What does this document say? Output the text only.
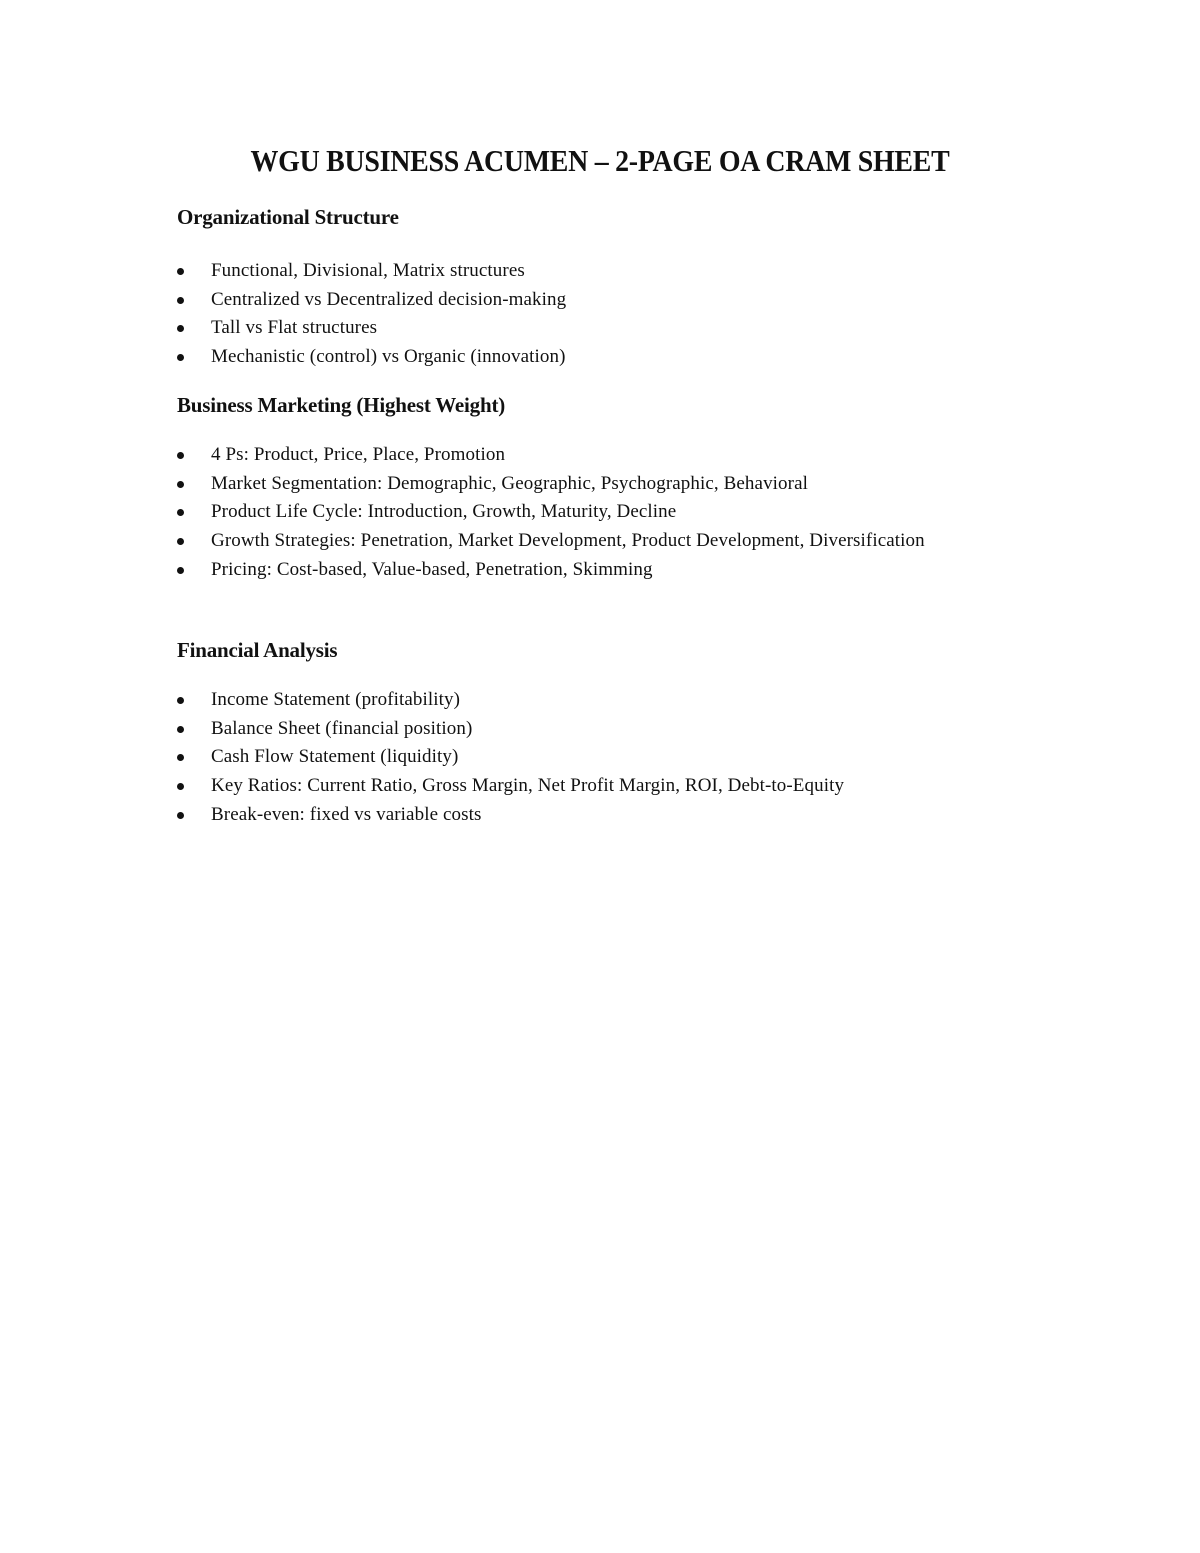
WGU BUSINESS ACUMEN – 2-PAGE OA CRAM SHEET
Organizational Structure
Functional, Divisional, Matrix structures
Centralized vs Decentralized decision-making
Tall vs Flat structures
Mechanistic (control) vs Organic (innovation)
Business Marketing (Highest Weight)
4 Ps: Product, Price, Place, Promotion
Market Segmentation: Demographic, Geographic, Psychographic, Behavioral
Product Life Cycle: Introduction, Growth, Maturity, Decline
Growth Strategies: Penetration, Market Development, Product Development, Diversification
Pricing: Cost-based, Value-based, Penetration, Skimming
Financial Analysis
Income Statement (profitability)
Balance Sheet (financial position)
Cash Flow Statement (liquidity)
Key Ratios: Current Ratio, Gross Margin, Net Profit Margin, ROI, Debt-to-Equity
Break-even: fixed vs variable costs
